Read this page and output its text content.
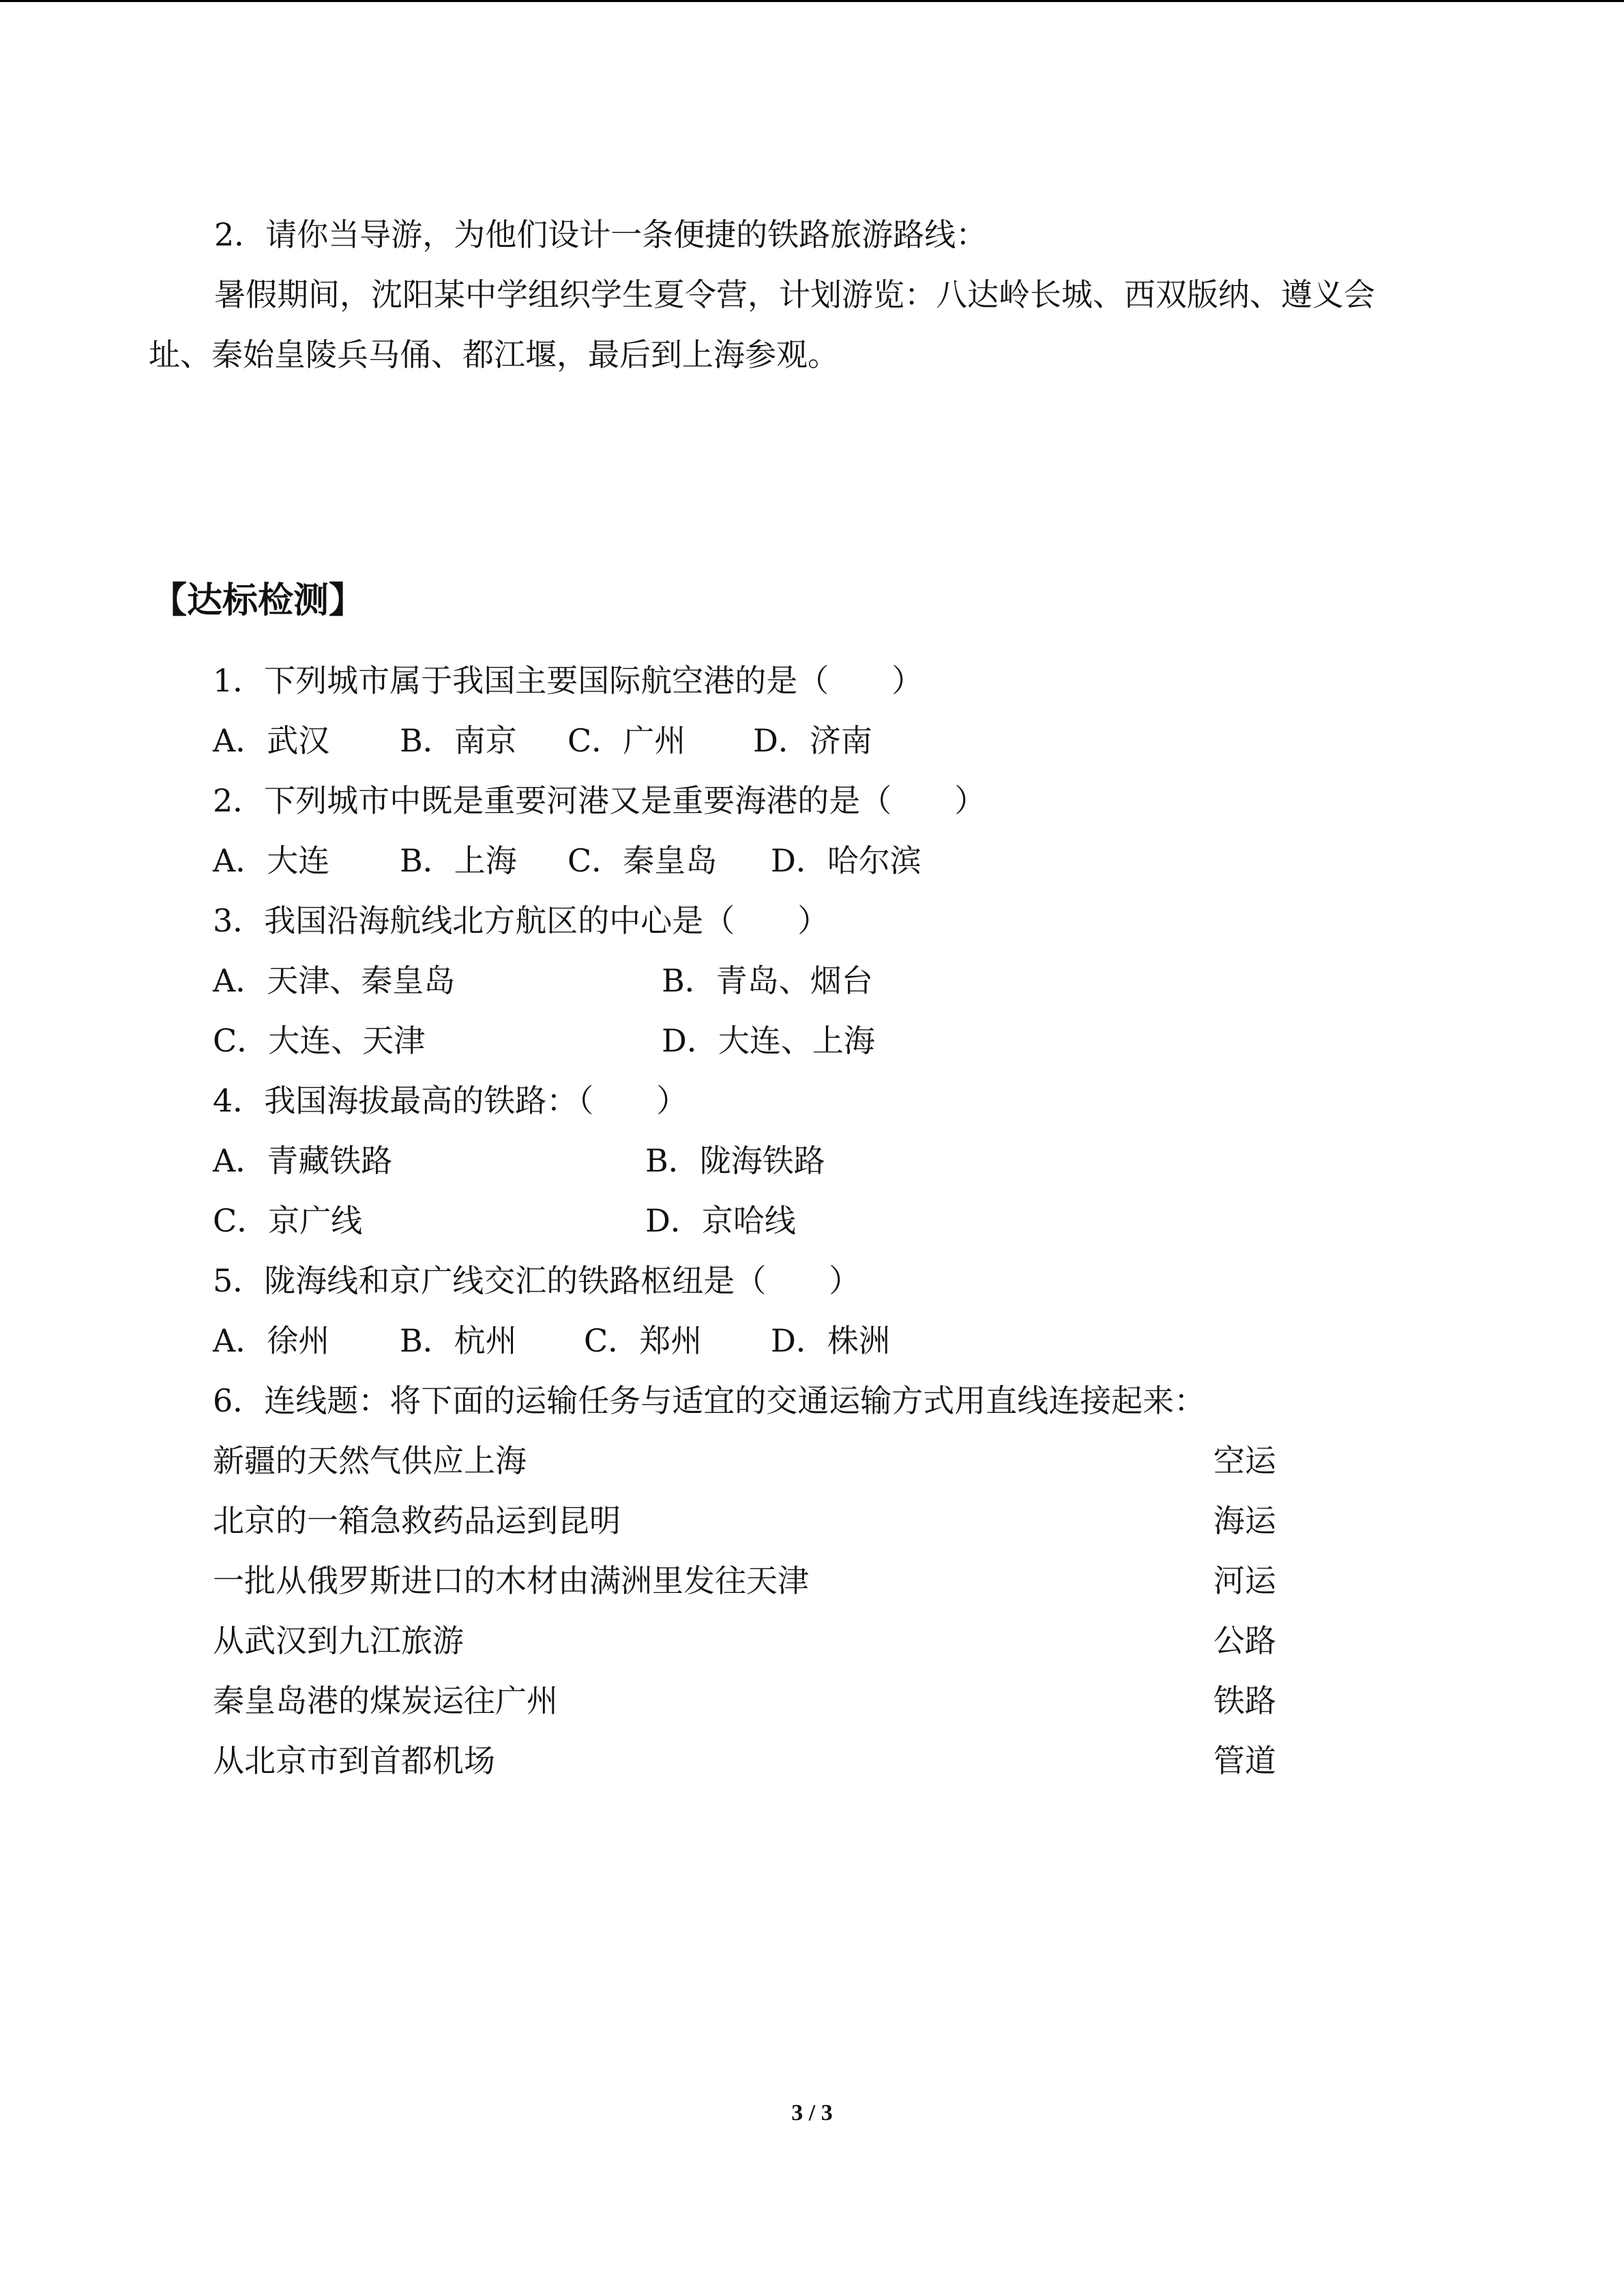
2．请你当导游，为他们设计一条便捷的铁路旅游路线：
暑假期间，沈阳某中学组织学生夏令营，计划游览：八达岭长城、西双版纳、遵义会
址、秦始皇陵兵马俑、都江堰，最后到上海参观。
【达标检测】
1．下列城市属于我国主要国际航空港的是（　　）
A．武汉 B．南京 C．广州 D．济南
2．下列城市中既是重要河港又是重要海港的是（　　）
A．大连 B．上海 C．秦皇岛 D．哈尔滨
3．我国沿海航线北方航区的中心是（　　）
A．天津、秦皇岛	B．青岛、烟台
C．大连、天津	D．大连、上海
4．我国海拔最高的铁路：（　　）
A．青藏铁路	B．陇海铁路
C．京广线	D．京哈线
5．陇海线和京广线交汇的铁路枢纽是（　　）
A．徐州 B．杭州 C．郑州 D．株洲
6．连线题：将下面的运输任务与适宜的交通运输方式用直线连接起来：
新疆的天然气供应上海	空运
北京的一箱急救药品运到昆明	海运
一批从俄罗斯进口的木材由满洲里发往天津	河运
从武汉到九江旅游	公路
秦皇岛港的煤炭运往广州	铁路
从北京市到首都机场	管道
3 / 3
